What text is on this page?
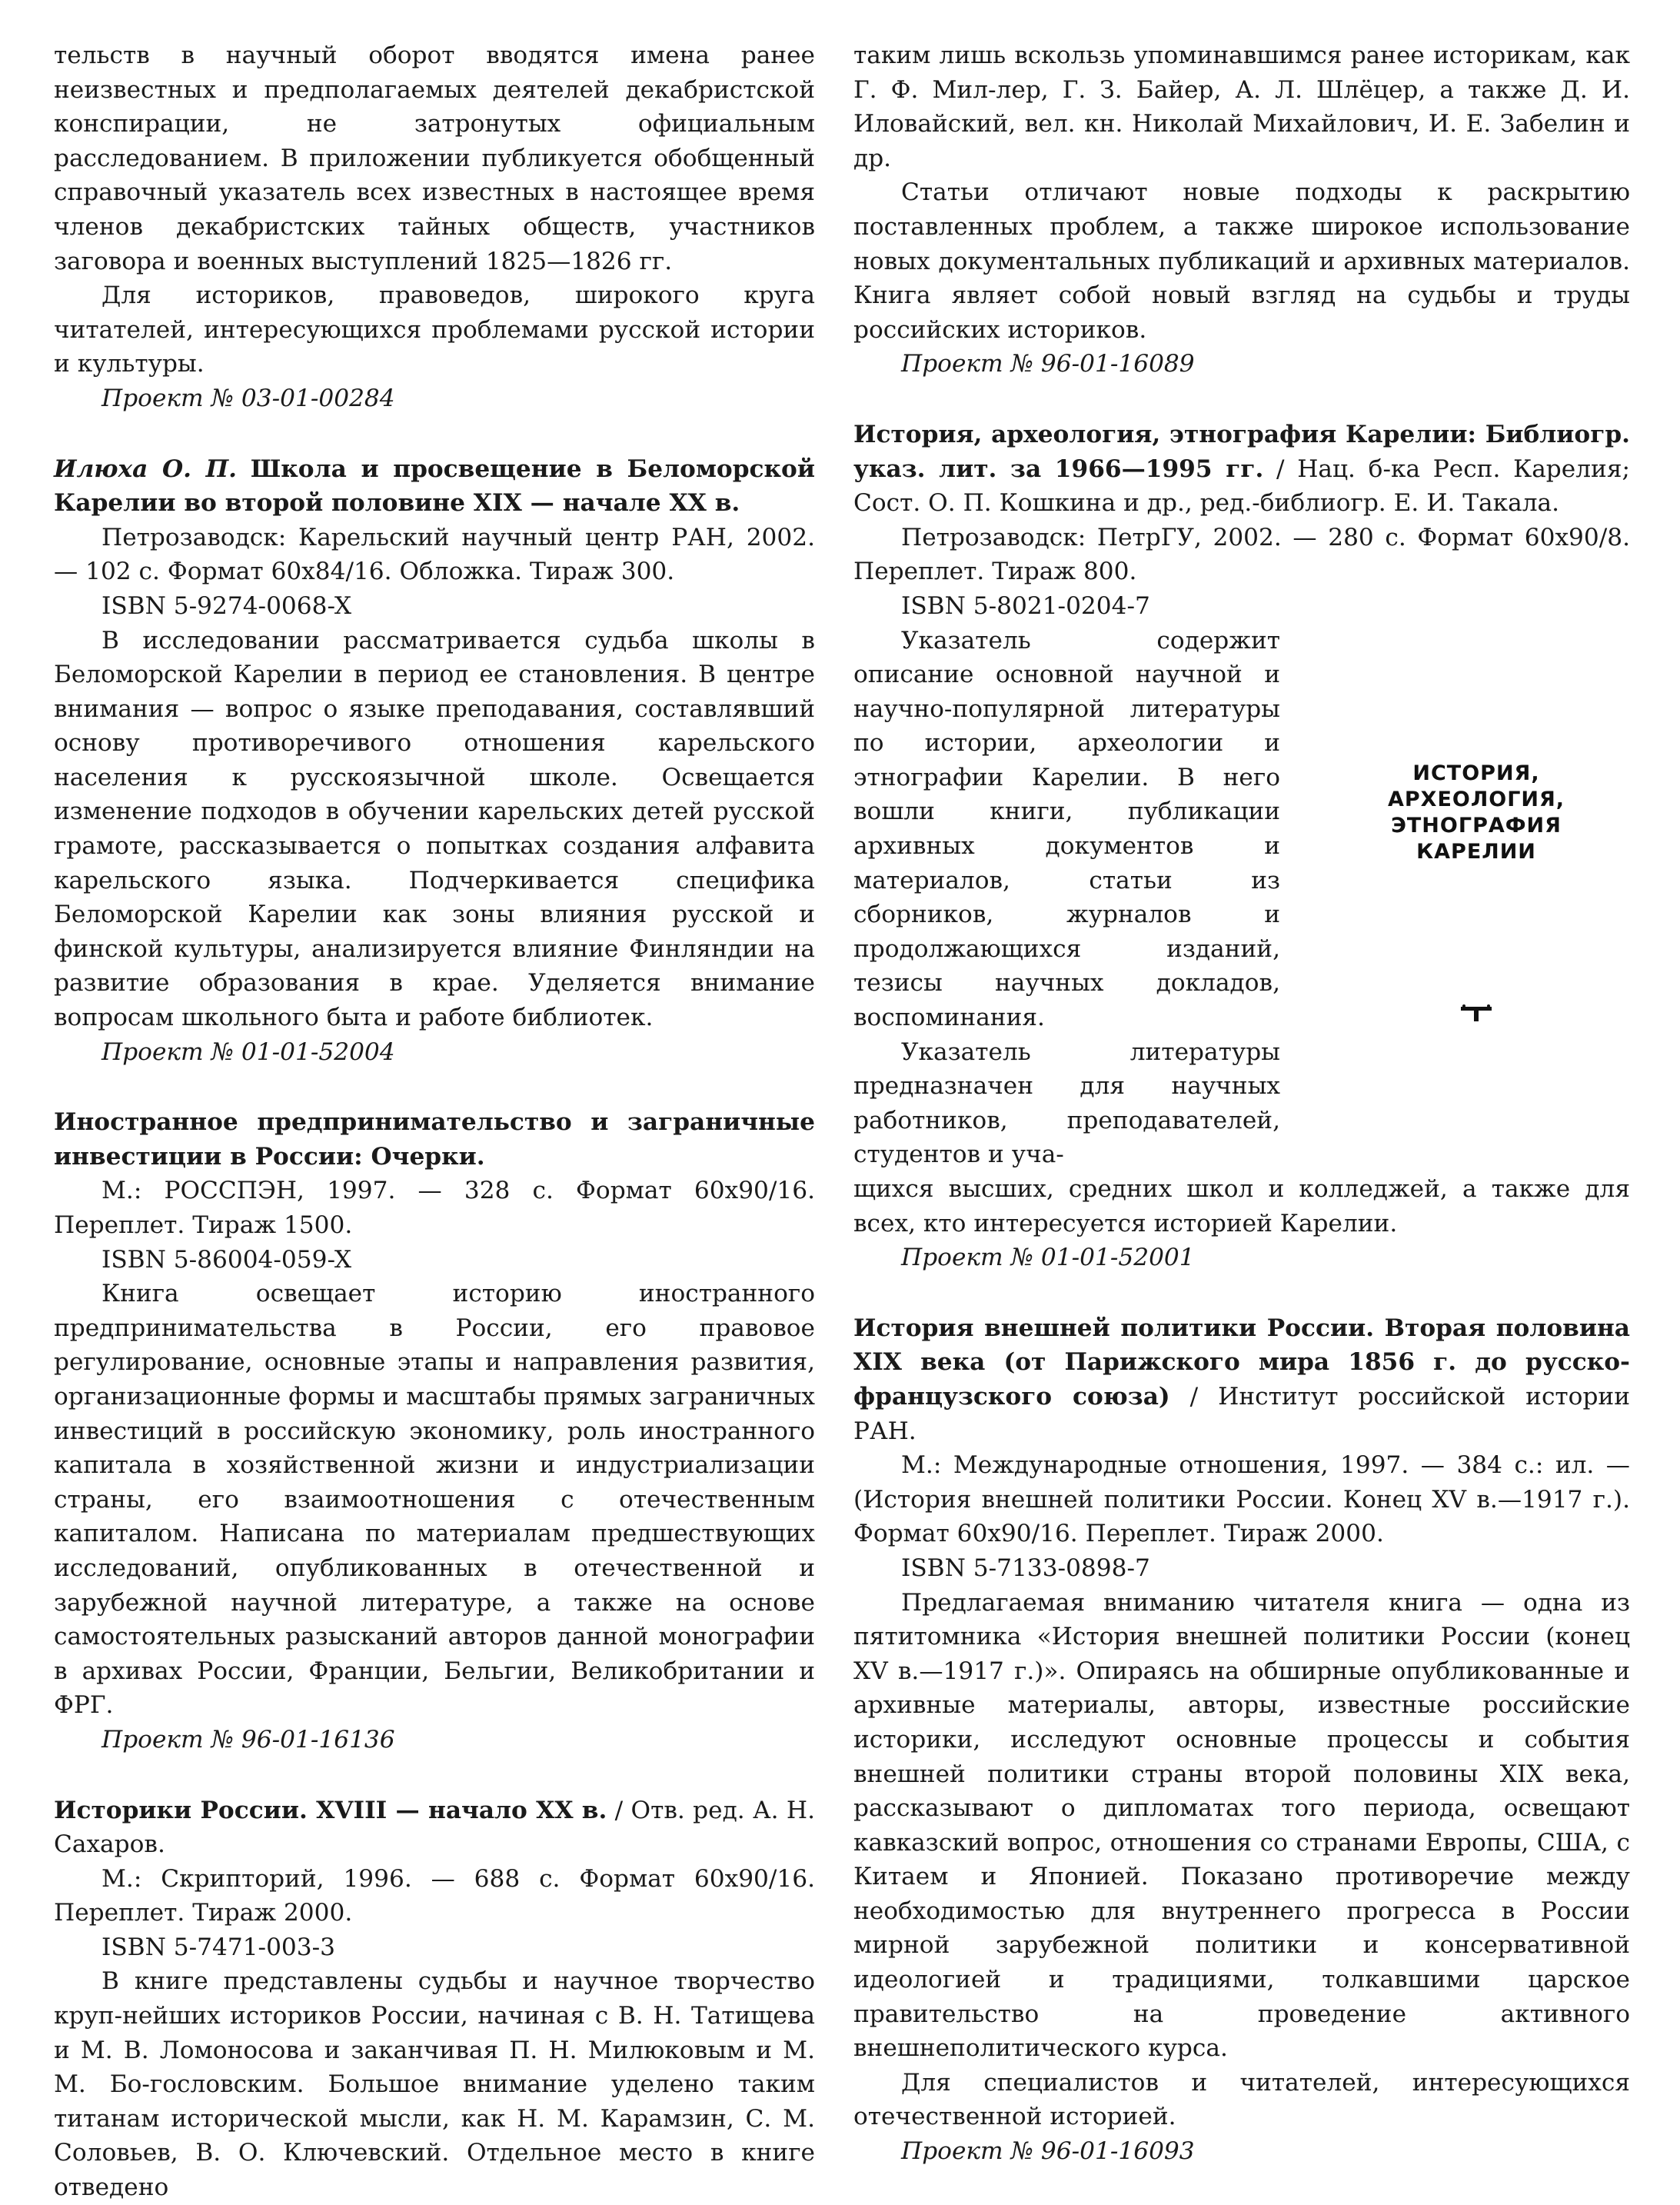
тельств в научный оборот вводятся имена ранее неизвестных и предполагаемых деятелей декабристской конспирации, не затронутых официальным расследованием. В приложении публикуется обобщенный справочный указатель всех известных в настоящее время членов декабристских тайных обществ, участников заговора и военных выступлений 1825—1826 гг.

Для историков, правоведов, широкого круга читателей, интересующихся проблемами русской истории и культуры.

Проект № 03-01-00284

Илюха О. П. Школа и просвещение в Беломорской Карелии во второй половине XIX — начале XX в.

Петрозаводск: Карельский научный центр РАН, 2002. — 102 с. Формат 60x84/16. Обложка. Тираж 300.

ISBN 5-9274-0068-X

В исследовании рассматривается судьба школы в Беломорской Карелии в период ее становления. В центре внимания — вопрос о языке преподавания, составлявший основу противоречивого отношения карельского населения к русскоязычной школе. Освещается изменение подходов в обучении карельских детей русской грамоте, рассказывается о попытках создания алфавита карельского языка. Подчеркивается специфика Беломорской Карелии как зоны влияния русской и финской культуры, анализируется влияние Финляндии на развитие образования в крае. Уделяется внимание вопросам школьного быта и работе библиотек.

Проект № 01-01-52004

Иностранное предпринимательство и заграничные инвестиции в России: Очерки.

М.: РОССПЭН, 1997. — 328 с. Формат 60x90/16. Переплет. Тираж 1500.

ISBN 5-86004-059-X

Книга освещает историю иностранного предпринимательства в России, его правовое регулирование, основные этапы и направления развития, организационные формы и масштабы прямых заграничных инвестиций в российскую экономику, роль иностранного капитала в хозяйственной жизни и индустриализации страны, его взаимоотношения с отечественным капиталом. Написана по материалам предшествующих исследований, опубликованных в отечественной и зарубежной научной литературе, а также на основе самостоятельных разысканий авторов данной монографии в архивах России, Франции, Бельгии, Великобритании и ФРГ.

Проект № 96-01-16136

Историки России. XVIII — начало XX в. / Отв. ред. А. Н. Сахаров.

М.: Скрипторий, 1996. — 688 с. Формат 60x90/16. Переплет. Тираж 2000.

ISBN 5-7471-003-3

В книге представлены судьбы и научное творчество круп-нейших историков России, начиная с В. Н. Татищева и М. В. Ломоносова и заканчивая П. Н. Милюковым и М. М. Бо-гословским. Большое внимание уделено таким титанам исторической мысли, как Н. М. Карамзин, С. М. Соловьев, В. О. Ключевский. Отдельное место в книге отведено

таким лишь вскользь упоминавшимся ранее историкам, как Г. Ф. Мил-лер, Г. З. Байер, А. Л. Шлёцер, а также Д. И. Иловайский, вел. кн. Николай Михайлович, И. Е. Забелин и др.

Статьи отличают новые подходы к раскрытию поставленных проблем, а также широкое использование новых документальных публикаций и архивных материалов. Книга являет собой новый взгляд на судьбы и труды российских историков.

Проект № 96-01-16089

История, археология, этнография Карелии: Библиогр. указ. лит. за 1966—1995 гг. / Нац. б-ка Респ. Карелия; Сост. О. П. Кошкина и др., ред.-библиогр. Е. И. Такала.

Петрозаводск: ПетрГУ, 2002. — 280 с. Формат 60x90/8. Переплет. Тираж 800.

ISBN 5-8021-0204-7

Указатель содержит описание основной научной и научно-популярной литературы по истории, археологии и этнографии Карелии. В него вошли книги, публикации архивных документов и материалов, статьи из сборников, журналов и продолжающихся изданий, тезисы научных докладов, воспоминания.

Указатель литературы предназначен для научных работников, преподавателей, студентов и уча-

щихся высших, средних школ и колледжей, а также для всех, кто интересуется историей Карелии.

ИСТОРИЯ, АРХЕОЛОГИЯ,
ЭТНОГРАФИЯ КАРЕЛИИ

Проект № 01-01-52001

История внешней политики России. Вторая половина XIX века (от Парижского мира 1856 г. до русско-французского союза) / Институт российской истории РАН.

М.: Международные отношения, 1997. — 384 с.: ил. — (История внешней политики России. Конец XV в.—1917 г.). Формат 60x90/16. Переплет. Тираж 2000.

ISBN 5-7133-0898-7

Предлагаемая вниманию читателя книга — одна из пятитомника «История внешней политики России (конец XV в.—1917 г.)». Опираясь на обширные опубликованные и архивные материалы, авторы, известные российские историки, исследуют основные процессы и события внешней политики страны второй половины XIX века, рассказывают о дипломатах того периода, освещают кавказский вопрос, отношения со странами Европы, США, с Китаем и Японией. Показано противоречие между необходимостью для внутреннего прогресса в России мирной зарубежной политики и консервативной идеологией и традициями, толкавшими царское правительство на проведение активного внешнеполитического курса.

Для специалистов и читателей, интересующихся отечественной историей.

Проект № 96-01-16093
